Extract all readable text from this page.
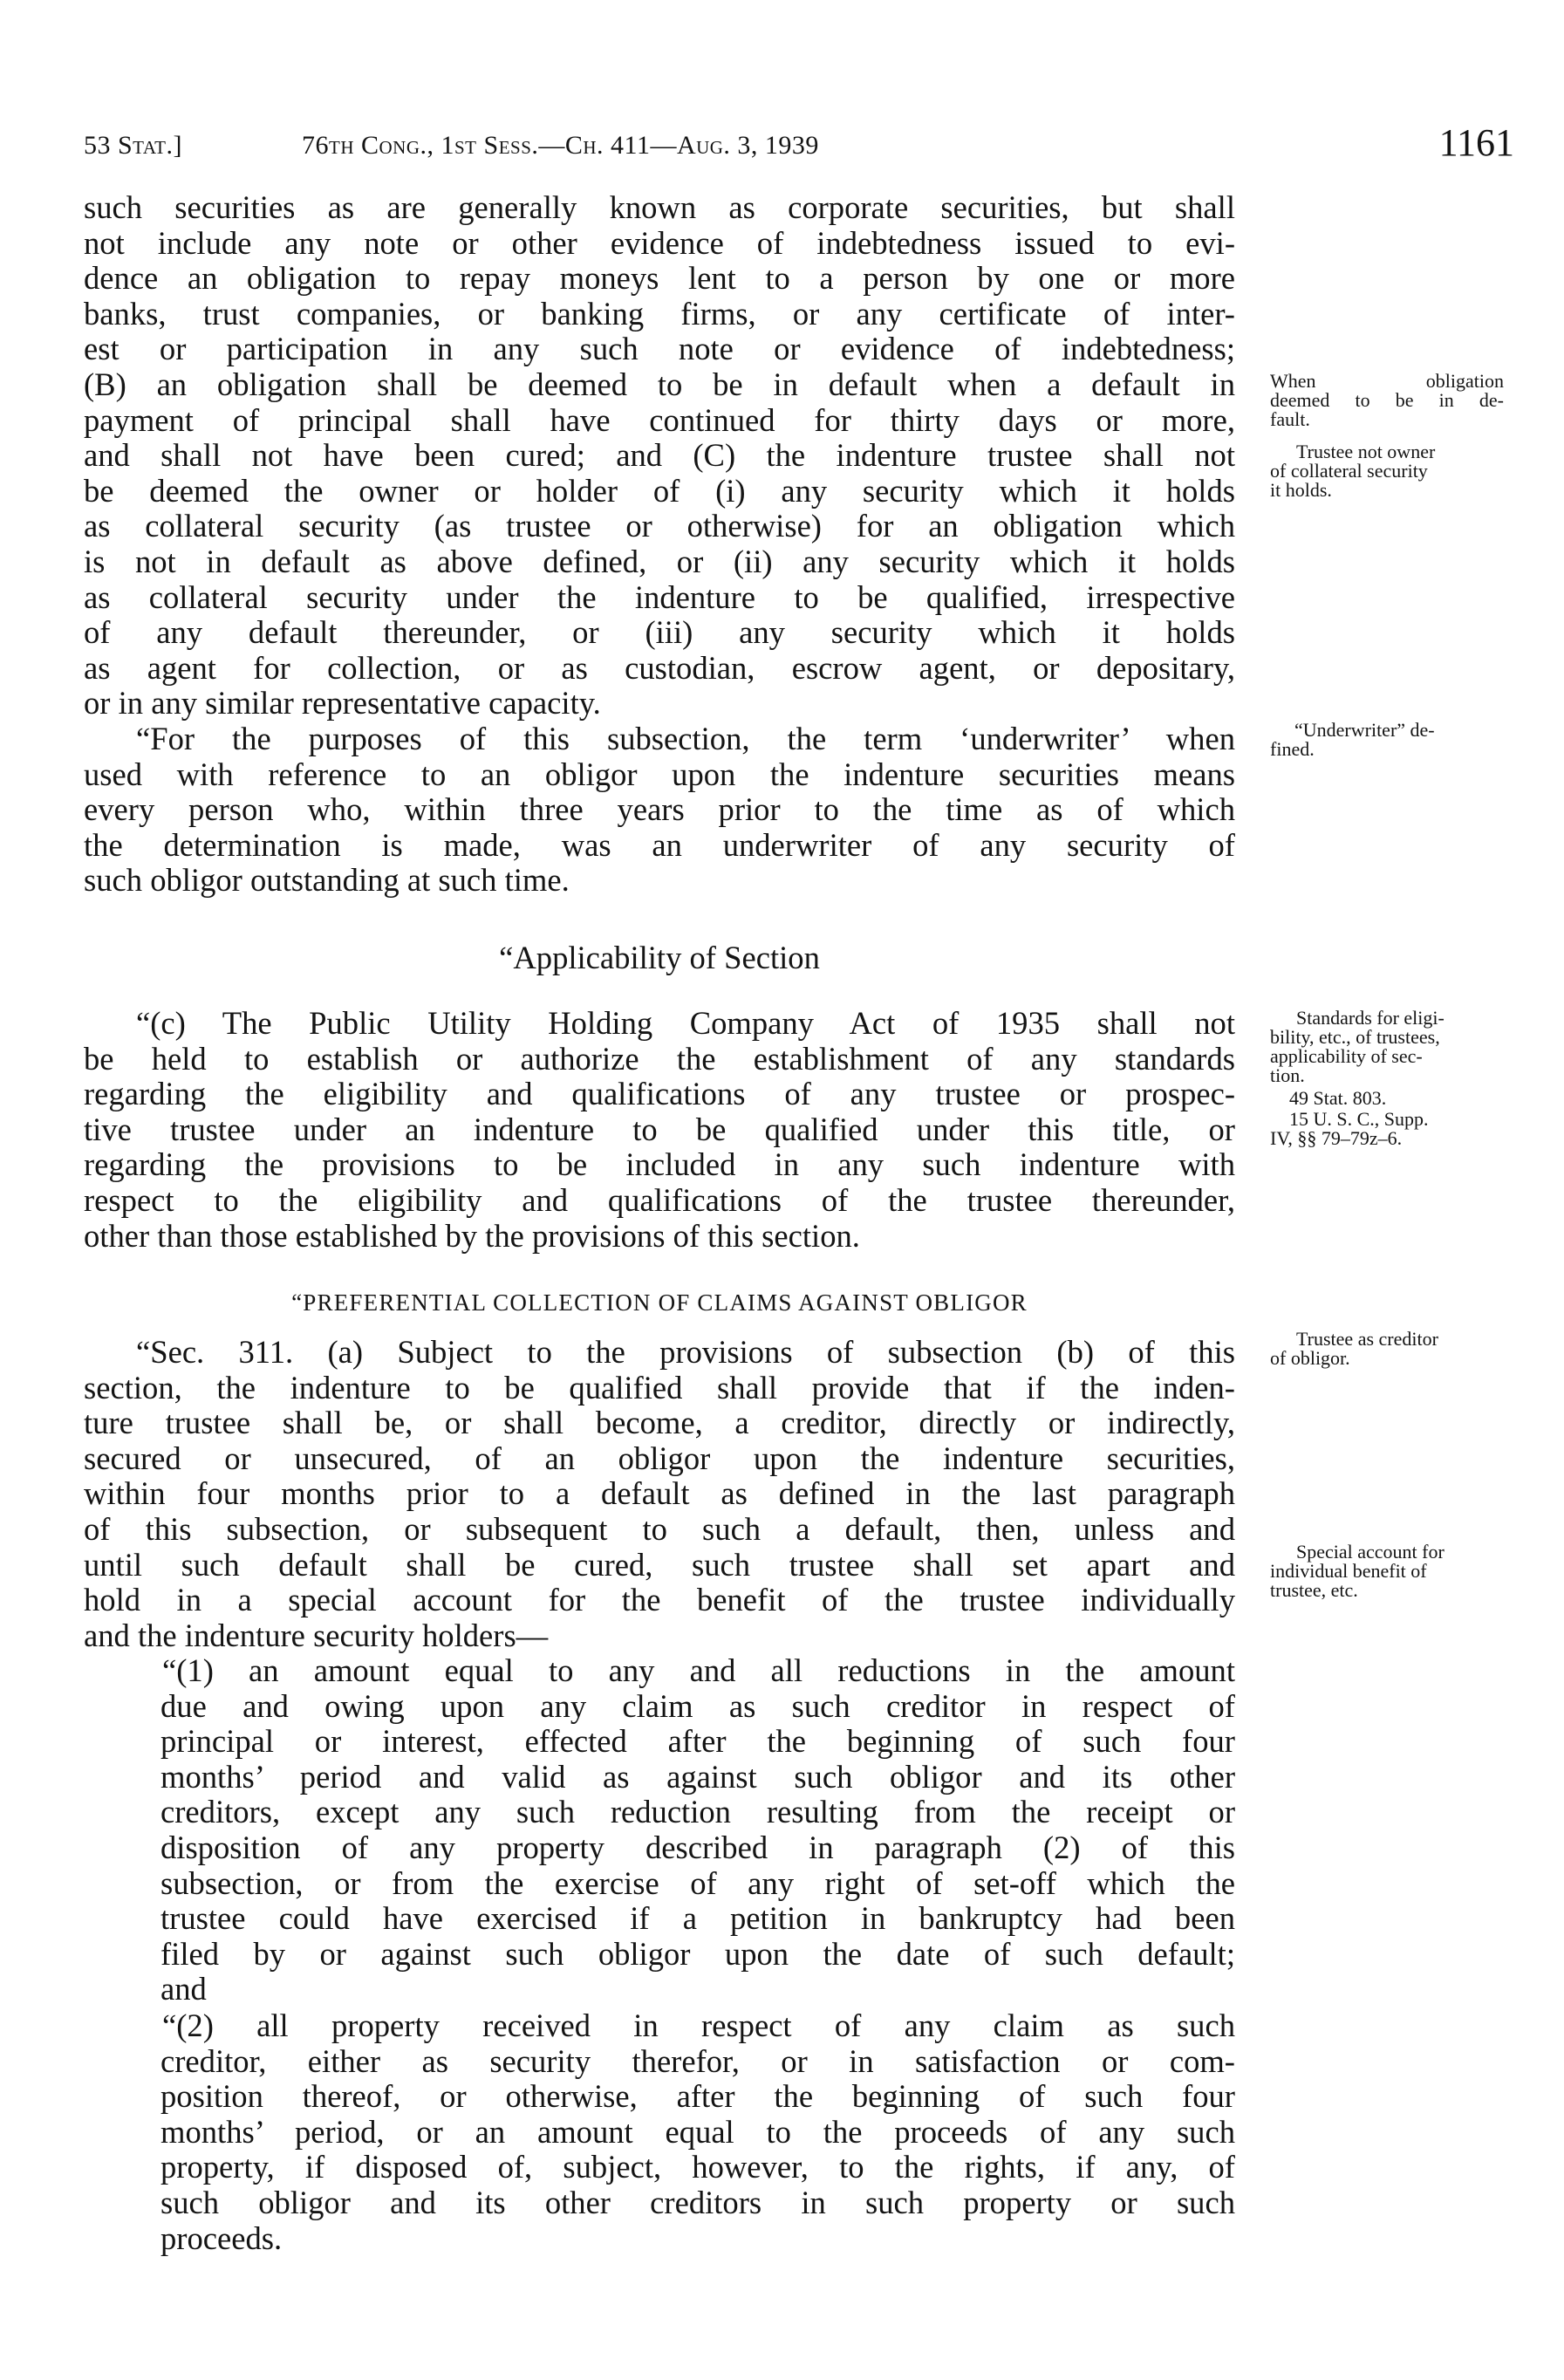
53 Stat.]	76th Cong., 1st Sess.—Ch. 411—Aug. 3, 1939	1161

such securities as are generally known as corporate securities, but shall

not include any note or other evidence of indebtedness issued to evi-

dence an obligation to repay moneys lent to a person by one or more

banks, trust companies, or banking firms, or any certificate of inter-

est or participation in any such note or evidence of indebtedness;

(B) an obligation shall be deemed to be in default when a default in

payment of principal shall have continued for thirty days or more,

and shall not have been cured; and (C) the indenture trustee shall not

be deemed the owner or holder of (i) any security which it holds

as collateral security (as trustee or otherwise) for an obligation which

is not in default as above defined, or (ii) any security which it holds

as collateral security under the indenture to be qualified, irrespective

of any default thereunder, or (iii) any security which it holds

as agent for collection, or as custodian, escrow agent, or depositary,

or in any similar representative capacity.

“For the purposes of this subsection, the term ‘underwriter’ when

used with reference to an obligor upon the indenture securities means

every person who, within three years prior to the time as of which

the determination is made, was an underwriter of any security of

such obligor outstanding at such time.

“Applicability of Section

“(c) The Public Utility Holding Company Act of 1935 shall not

be held to establish or authorize the establishment of any standards

regarding the eligibility and qualifications of any trustee or prospec-

tive trustee under an indenture to be qualified under this title, or

regarding the provisions to be included in any such indenture with

respect to the eligibility and qualifications of the trustee thereunder,

other than those established by the provisions of this section.

“PREFERENTIAL COLLECTION OF CLAIMS AGAINST OBLIGOR

“Sec. 311. (a) Subject to the provisions of subsection (b) of this

section, the indenture to be qualified shall provide that if the inden-

ture trustee shall be, or shall become, a creditor, directly or indirectly,

secured or unsecured, of an obligor upon the indenture securities,

within four months prior to a default as defined in the last paragraph

of this subsection, or subsequent to such a default, then, unless and

until such default shall be cured, such trustee shall set apart and

hold in a special account for the benefit of the trustee individually

and the indenture security holders—

“(1) an amount equal to any and all reductions in the amount

due and owing upon any claim as such creditor in respect of

principal or interest, effected after the beginning of such four

months’ period and valid as against such obligor and its other

creditors, except any such reduction resulting from the receipt or

disposition of any property described in paragraph (2) of this

subsection, or from the exercise of any right of set-off which the

trustee could have exercised if a petition in bankruptcy had been

filed by or against such obligor upon the date of such default;

and

“(2) all property received in respect of any claim as such

creditor, either as security therefor, or in satisfaction or com-

position thereof, or otherwise, after the beginning of such four

months’ period, or an amount equal to the proceeds of any such

property, if disposed of, subject, however, to the rights, if any, of

such obligor and its other creditors in such property or such

proceeds.

When obligation
deemed to be in de-
fault.
Trustee not owner
of collateral security
it holds.
“Underwriter” de-
fined.
Standards for eligi-
bility, etc., of trustees,
applicability of sec-
tion.
49 Stat. 803.
15 U. S. C., Supp.
IV, §§ 79–79z–6.
Trustee as creditor
of obligor.
Special account for
individual benefit of
trustee, etc.
